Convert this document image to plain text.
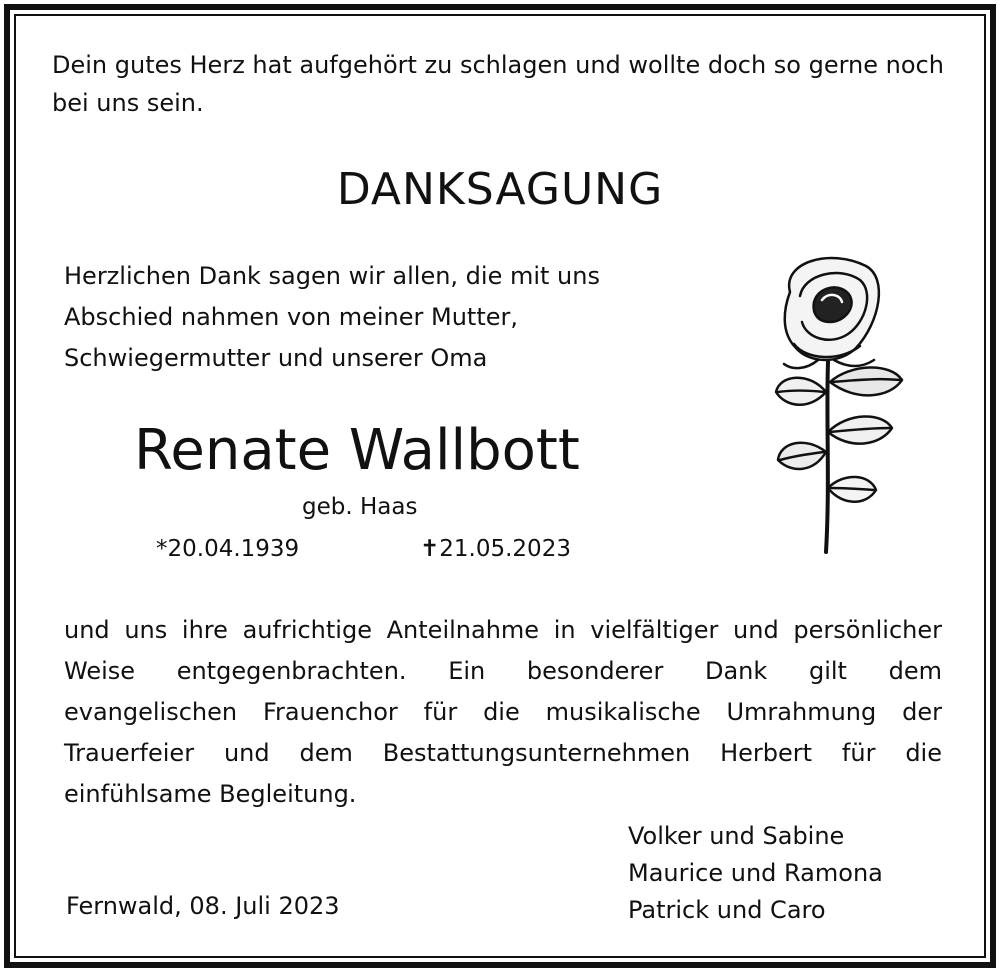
Dein gutes Herz hat aufgehört zu schlagen und wollte doch so gerne noch bei uns sein.

DANKSAGUNG
Herzlichen Dank sagen wir allen, die mit uns
Abschied nahmen von meiner Mutter,
Schwiegermutter und unserer Oma
Renate Wallbott
geb. Haas
*20.04.1939	✝21.05.2023
und uns ihre aufrichtige Anteilnahme in vielfältiger und persönlicher
Weise entgegenbrachten. Ein besonderer Dank gilt dem
evangelischen Frauenchor für die musikalische Umrahmung der
Trauerfeier und dem Bestattungsunternehmen Herbert für die
einfühlsame Begleitung.
Volker und Sabine
Maurice und Ramona
Patrick und Caro
Fernwald, 08. Juli 2023
